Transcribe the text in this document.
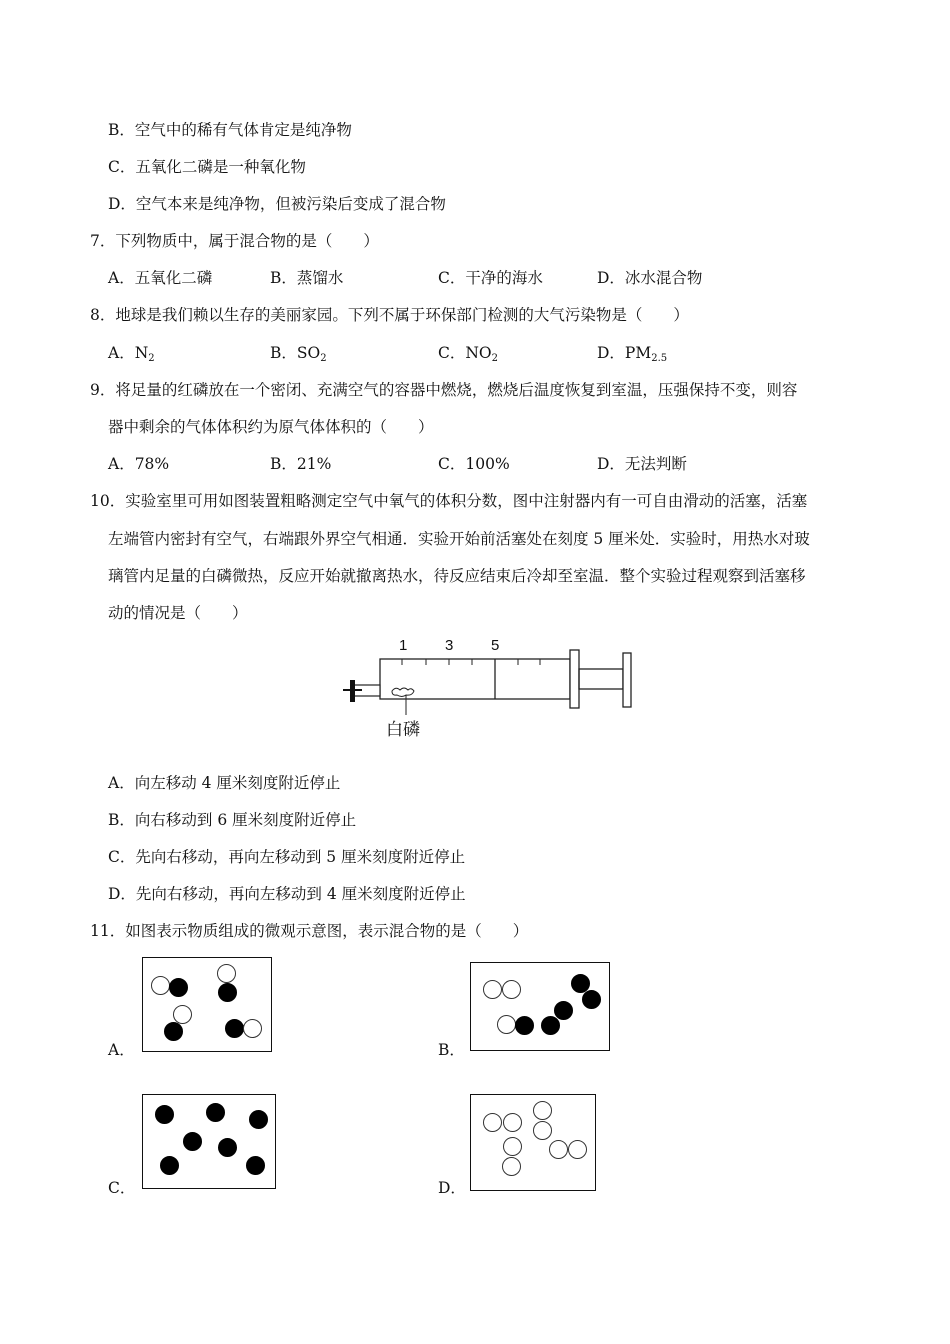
B．空气中的稀有气体肯定是纯净物
C．五氧化二磷是一种氧化物
D．空气本来是纯净物，但被污染后变成了混合物
7．下列物质中，属于混合物的是（　　）
A．五氧化二磷	B．蒸馏水	C．干净的海水	D．冰水混合物
8．地球是我们赖以生存的美丽家园。下列不属于环保部门检测的大气污染物是（　　）
A．$N_2$	B．$SO_2$	C．$NO_2$	D．$PM_{2.5}$
9．将足量的红磷放在一个密闭、充满空气的容器中燃烧，燃烧后温度恢复到室温，压强保持不变，则容
器中剩余的气体体积约为原气体体积的（　　）
A．78%	B．21%	C．100%	D．无法判断
10．实验室里可用如图装置粗略测定空气中氧气的体积分数，图中注射器内有一可自由滑动的活塞，活塞
左端管内密封有空气，右端跟外界空气相通．实验开始前活塞处在刻度 5 厘米处．实验时，用热水对玻
璃管内足量的白磷微热，反应开始就撤离热水，待反应结束后冷却至室温．整个实验过程观察到活塞移
动的情况是（　　）
1	3	5
白磷
A．向左移动 4 厘米刻度附近停止
B．向右移动到 6 厘米刻度附近停止
C．先向右移动，再向左移动到 5 厘米刻度附近停止
D．先向右移动，再向左移动到 4 厘米刻度附近停止
11．如图表示物质组成的微观示意图，表示混合物的是（　　）
A．	B．
C．	D．
